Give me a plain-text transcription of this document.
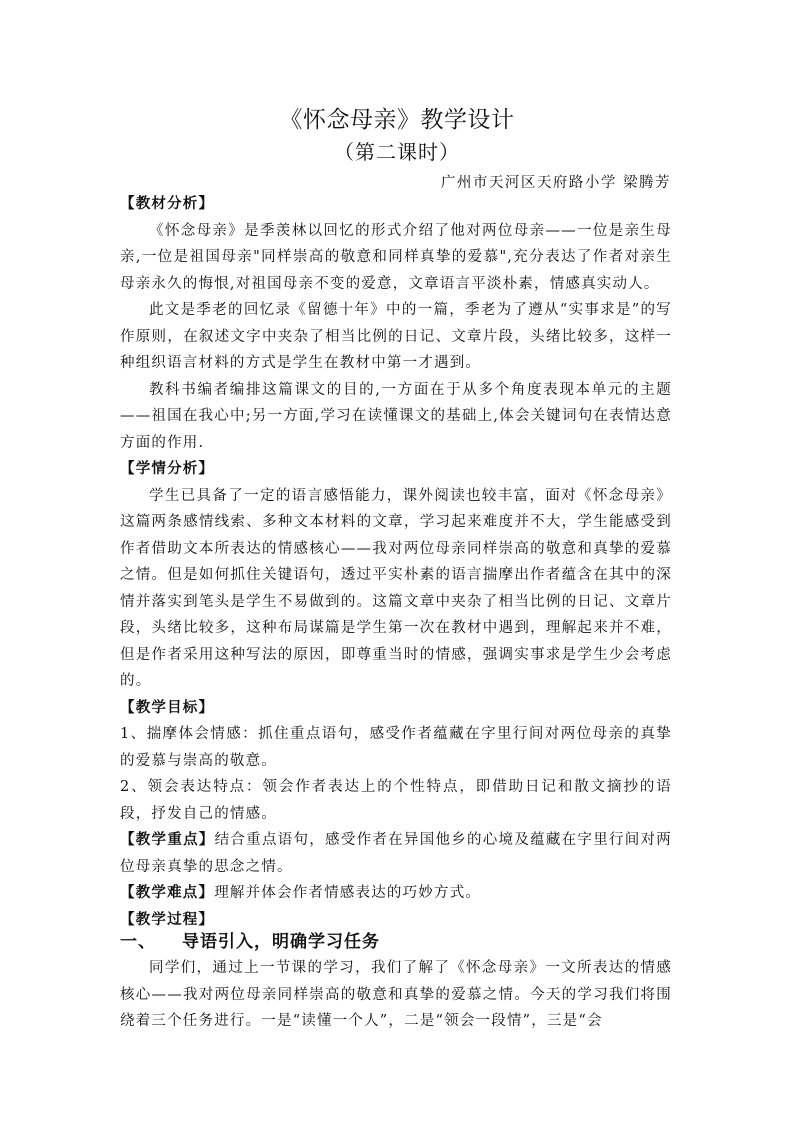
《怀念母亲》教学设计
（第二课时）
广州市天河区天府路小学 梁腾芳

【教材分析】

《怀念母亲》是季羡林以回忆的形式介绍了他对两位母亲——一位是亲生母亲,一位是祖国母亲"同样崇高的敬意和同样真挚的爱慕",充分表达了作者对亲生母亲永久的悔恨,对祖国母亲不变的爱意，文章语言平淡朴素，情感真实动人。

此文是季老的回忆录《留德十年》中的一篇，季老为了遵从“实事求是”的写作原则，在叙述文字中夹杂了相当比例的日记、文章片段，头绪比较多，这样一种组织语言材料的方式是学生在教材中第一才遇到。

教科书编者编排这篇课文的目的,一方面在于从多个角度表现本单元的主题——祖国在我心中;另一方面,学习在读懂课文的基础上,体会关键词句在表情达意方面的作用.

【学情分析】

学生已具备了一定的语言感悟能力，课外阅读也较丰富，面对《怀念母亲》这篇两条感情线索、多种文本材料的文章，学习起来难度并不大，学生能感受到作者借助文本所表达的情感核心——我对两位母亲同样崇高的敬意和真挚的爱慕之情。但是如何抓住关键语句，透过平实朴素的语言揣摩出作者蕴含在其中的深情并落实到笔头是学生不易做到的。这篇文章中夹杂了相当比例的日记、文章片段，头绪比较多，这种布局谋篇是学生第一次在教材中遇到，理解起来并不难，但是作者采用这种写法的原因，即尊重当时的情感，强调实事求是学生少会考虑的。

【教学目标】

1、揣摩体会情感：抓住重点语句，感受作者蕴藏在字里行间对两位母亲的真挚的爱慕与崇高的敬意。

2、领会表达特点：领会作者表达上的个性特点，即借助日记和散文摘抄的语段，抒发自己的情感。

【教学重点】结合重点语句，感受作者在异国他乡的心境及蕴藏在字里行间对两位母亲真挚的思念之情。

【教学难点】理解并体会作者情感表达的巧妙方式。

【教学过程】

一、 导语引入，明确学习任务

同学们，通过上一节课的学习，我们了解了《怀念母亲》一文所表达的情感核心——我对两位母亲同样崇高的敬意和真挚的爱慕之情。今天的学习我们将围绕着三个任务进行。一是“读懂一个人”，二是“领会一段情”，三是“会
